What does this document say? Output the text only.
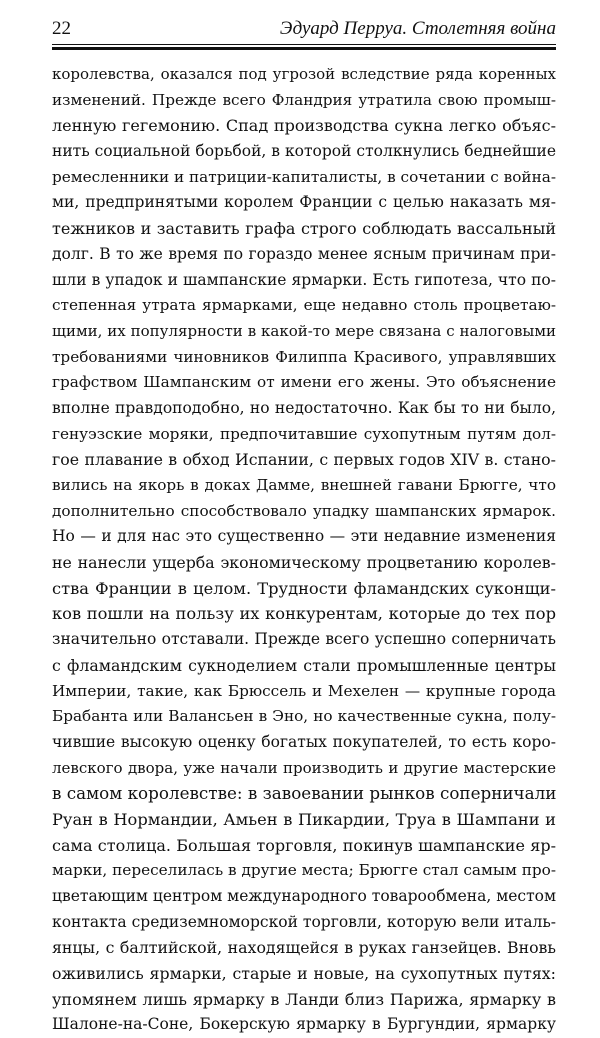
22	Эдуард Перруа. Столетняя война
королевства, оказался под угрозой вследствие ряда коренных
изменений. Прежде всего Фландрия утратила свою промыш-
ленную гегемонию. Спад производства сукна легко объяс-
нить социальной борьбой, в которой столкнулись беднейшие
ремесленники и патриции-капиталисты, в сочетании с война-
ми, предпринятыми королем Франции с целью наказать мя-
тежников и заставить графа строго соблюдать вассальный
долг. В то же время по гораздо менее ясным причинам при-
шли в упадок и шампанские ярмарки. Есть гипотеза, что по-
степенная утрата ярмарками, еще недавно столь процветаю-
щими, их популярности в какой-то мере связана с налоговыми
требованиями чиновников Филиппа Красивого, управлявших
графством Шампанским от имени его жены. Это объяснение
вполне правдоподобно, но недостаточно. Как бы то ни было,
генуэзские моряки, предпочитавшие сухопутным путям дол-
гое плавание в обход Испании, с первых годов XIV в. стано-
вились на якорь в доках Дамме, внешней гавани Брюгге, что
дополнительно способствовало упадку шампанских ярмарок.
Но — и для нас это существенно — эти недавние изменения
не нанесли ущерба экономическому процветанию королев-
ства Франции в целом. Трудности фламандских суконщи-
ков пошли на пользу их конкурентам, которые до тех пор
значительно отставали. Прежде всего успешно соперничать
с фламандским сукноделием стали промышленные центры
Империи, такие, как Брюссель и Мехелен — крупные города
Брабанта или Валансьен в Эно, но качественные сукна, полу-
чившие высокую оценку богатых покупателей, то есть коро-
левского двора, уже начали производить и другие мастерские
в самом королевстве: в завоевании рынков соперничали
Руан в Нормандии, Амьен в Пикардии, Труа в Шампани и
сама столица. Большая торговля, покинув шампанские яр-
марки, переселилась в другие места; Брюгге стал самым про-
цветающим центром международного товарообмена, местом
контакта средиземноморской торговли, которую вели италь-
янцы, с балтийской, находящейся в руках ганзейцев. Вновь
оживились ярмарки, старые и новые, на сухопутных путях:
упомянем лишь ярмарку в Ланди близ Парижа, ярмарку в
Шалоне-на-Соне, Бокерскую ярмарку в Бургундии, ярмарку
